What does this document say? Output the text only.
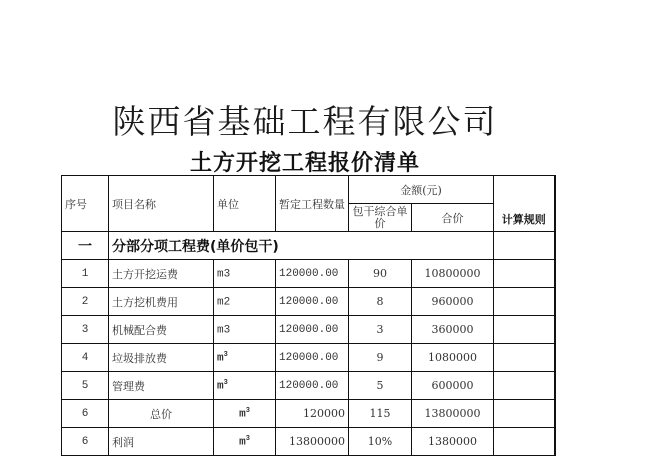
陕西省基础工程有限公司
土方开挖工程报价清单
序号	项目名称	单位	暂定工程数量	金额(元)		计算规则
				包干综合单价	合价	
一	分部分项工程费(单价包干)					
1	土方开挖运费	m3	120000.00	90	10800000	
2	土方挖机费用	m2	120000.00	8	960000	
3	机械配合费	m3	120000.00	3	360000	
4	垃圾排放费	$m^3$	120000.00	9	1080000	
5	管理费	$m^3$	120000.00	5	600000	
6	总价	$m^3$	120000	115	13800000	
6	利润	$m^3$	13800000	10%	1380000	
